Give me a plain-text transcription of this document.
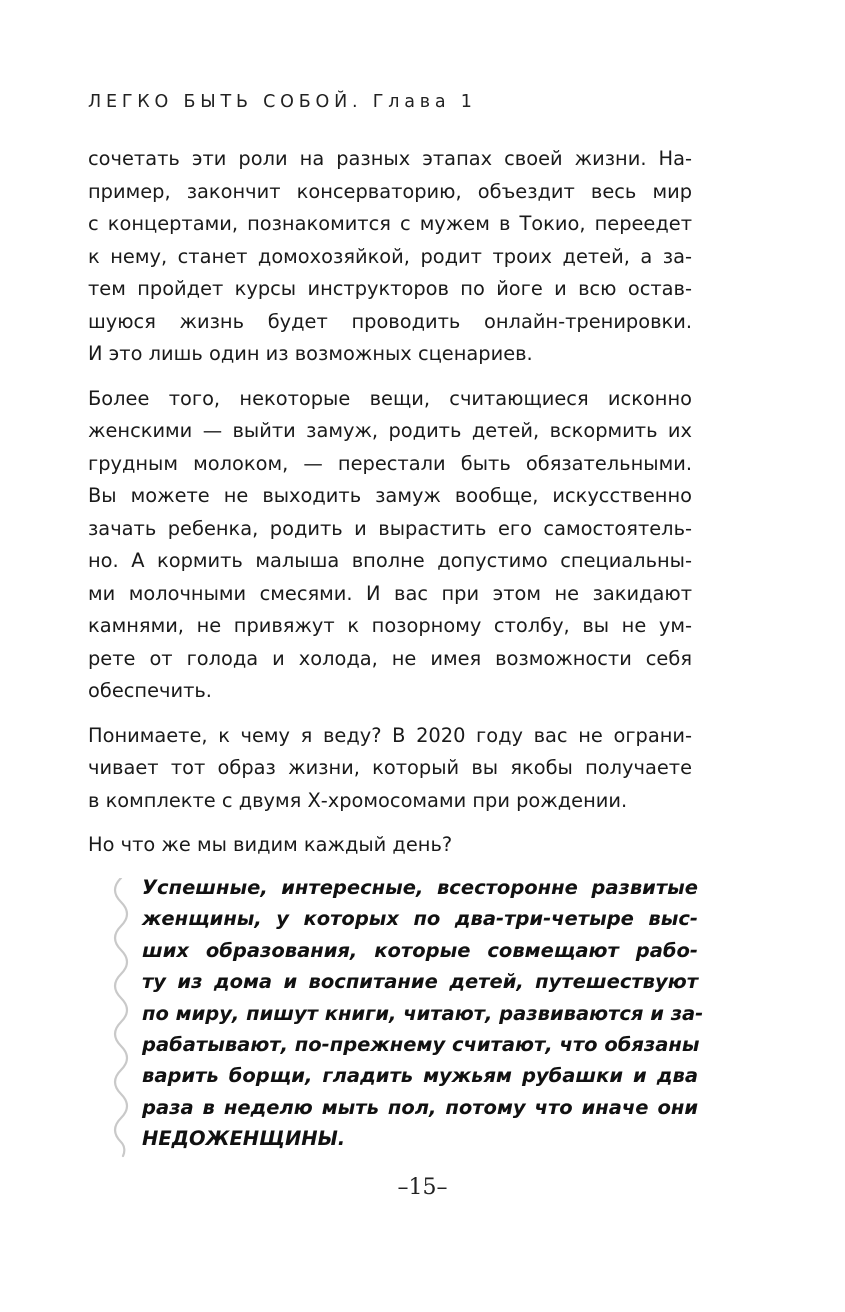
ЛЕГКО БЫТЬ СОБОЙ. Глава 1

сочетать эти роли на разных этапах своей жизни. На-
пример, закончит консерваторию, объездит весь мир
с концертами, познакомится с мужем в Токио, переедет
к нему, станет домохозяйкой, родит троих детей, а за-
тем пройдет курсы инструкторов по йоге и всю остав-
шуюся жизнь будет проводить онлайн-тренировки.
И это лишь один из возможных сценариев.

Более того, некоторые вещи, считающиеся исконно
женскими — выйти замуж, родить детей, вскормить их
грудным молоком, — перестали быть обязательными.
Вы можете не выходить замуж вообще, искусственно
зачать ребенка, родить и вырастить его самостоятель-
но. А кормить малыша вполне допустимо специальны-
ми молочными смесями. И вас при этом не закидают
камнями, не привяжут к позорному столбу, вы не ум-
рете от голода и холода, не имея возможности себя
обеспечить.

Понимаете, к чему я веду? В 2020 году вас не ограни-
чивает тот образ жизни, который вы якобы получаете
в комплекте с двумя Х-хромосомами при рождении.

Но что же мы видим каждый день?

Успешные, интересные, всесторонне развитые
женщины, у которых по два-три-четыре выс-
ших образования, которые совмещают рабо-
ту из дома и воспитание детей, путешествуют
по миру, пишут книги, читают, развиваются и за-
рабатывают, по-прежнему считают, что обязаны
варить борщи, гладить мужьям рубашки и два
раза в неделю мыть пол, потому что иначе они
НЕДОЖЕНЩИНЫ.
–15–
